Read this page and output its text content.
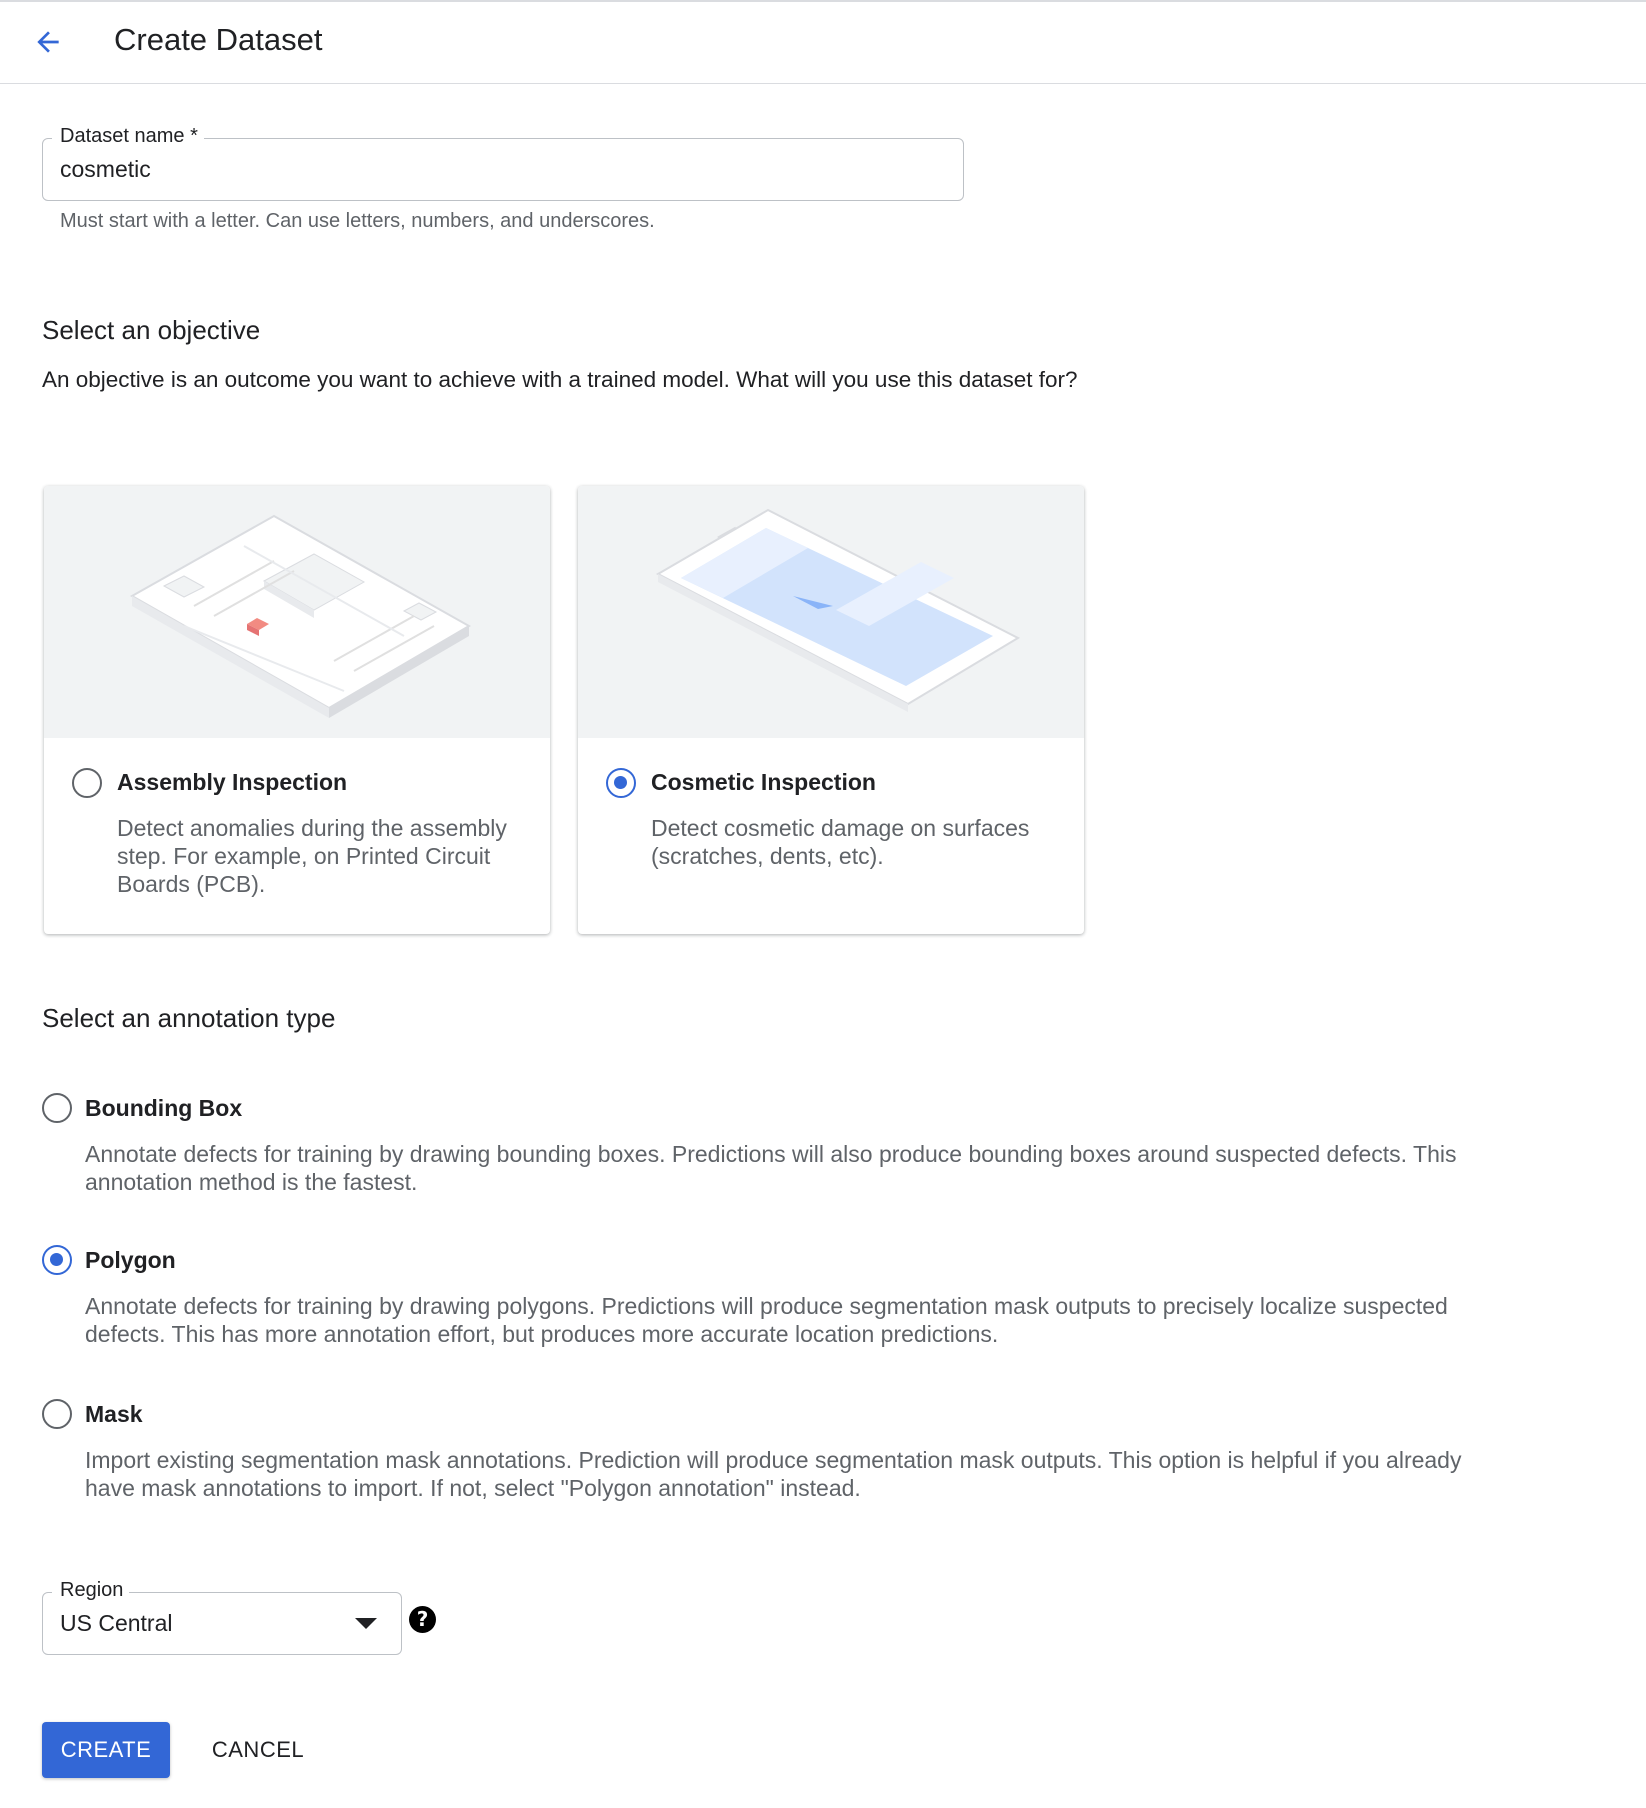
Create Dataset
Dataset name *
cosmetic
Must start with a letter. Can use letters, numbers, and underscores.
Select an objective
An objective is an outcome you want to achieve with a trained model. What will you use this dataset for?
Assembly Inspection
Detect anomalies during the assembly step. For example, on Printed Circuit Boards (PCB).
Cosmetic Inspection
Detect cosmetic damage on surfaces (scratches, dents, etc).
Select an annotation type
Bounding Box
Annotate defects for training by drawing bounding boxes. Predictions will also produce bounding boxes around suspected defects. This annotation method is the fastest.
Polygon
Annotate defects for training by drawing polygons. Predictions will produce segmentation mask outputs to precisely localize suspected defects. This has more annotation effort, but produces more accurate location predictions.
Mask
Import existing segmentation mask annotations. Prediction will produce segmentation mask outputs. This option is helpful if you already have mask annotations to import. If not, select "Polygon annotation" instead.
Region
US Central	?
CREATE	CANCEL
